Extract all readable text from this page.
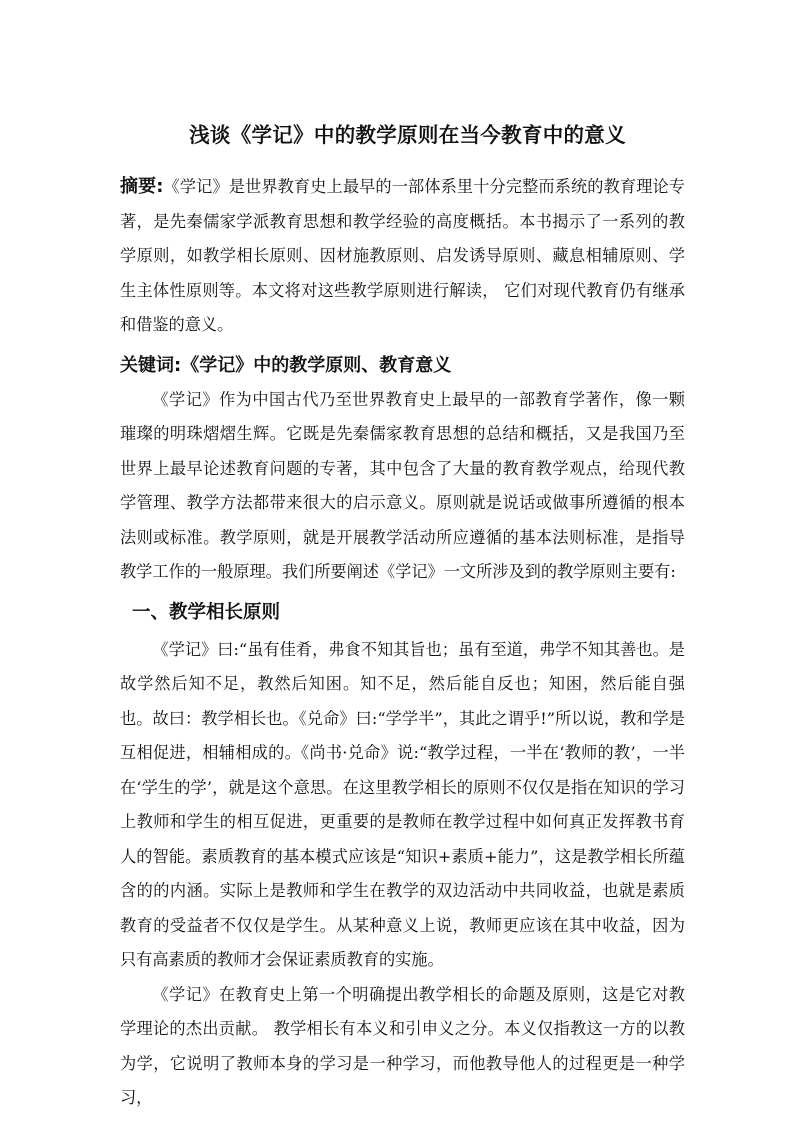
浅谈《学记》中的教学原则在当今教育中的意义

摘要:《学记》是世界教育史上最早的一部体系里十分完整而系统的教育理论专著，是先秦儒家学派教育思想和教学经验的高度概括。本书揭示了一系列的教学原则，如教学相长原则、因材施教原则、启发诱导原则、藏息相辅原则、学生主体性原则等。本文将对这些教学原则进行解读， 它们对现代教育仍有继承和借鉴的意义。

关键词:《学记》中的教学原则、教育意义

《学记》作为中国古代乃至世界教育史上最早的一部教育学著作，像一颗璀璨的明珠熠熠生辉。它既是先秦儒家教育思想的总结和概括，又是我国乃至世界上最早论述教育问题的专著，其中包含了大量的教育教学观点，给现代教学管理、教学方法都带来很大的启示意义。原则就是说话或做事所遵循的根本法则或标准。教学原则，就是开展教学活动所应遵循的基本法则标准，是指导教学工作的一般原理。我们所要阐述《学记》一文所涉及到的教学原则主要有:

一、教学相长原则

《学记》曰:“虽有佳肴，弗食不知其旨也；虽有至道，弗学不知其善也。是故学然后知不足，教然后知困。知不足，然后能自反也；知困，然后能自强也。故曰：教学相长也。《兑命》曰:“学学半”，其此之谓乎!”所以说，教和学是互相促进，相辅相成的。《尚书·兑命》说:“教学过程，一半在‘教师的教’，一半在‘学生的学’，就是这个意思。在这里教学相长的原则不仅仅是指在知识的学习上教师和学生的相互促进，更重要的是教师在教学过程中如何真正发挥教书育人的智能。素质教育的基本模式应该是“知识+素质+能力”，这是教学相长所蕴含的的内涵。实际上是教师和学生在教学的双边活动中共同收益，也就是素质教育的受益者不仅仅是学生。从某种意义上说，教师更应该在其中收益，因为只有高素质的教师才会保证素质教育的实施。

《学记》在教育史上第一个明确提出教学相长的命题及原则，这是它对教学理论的杰出贡献。 教学相长有本义和引申义之分。本义仅指教这一方的以教为学，它说明了教师本身的学习是一种学习，而他教导他人的过程更是一种学习，
